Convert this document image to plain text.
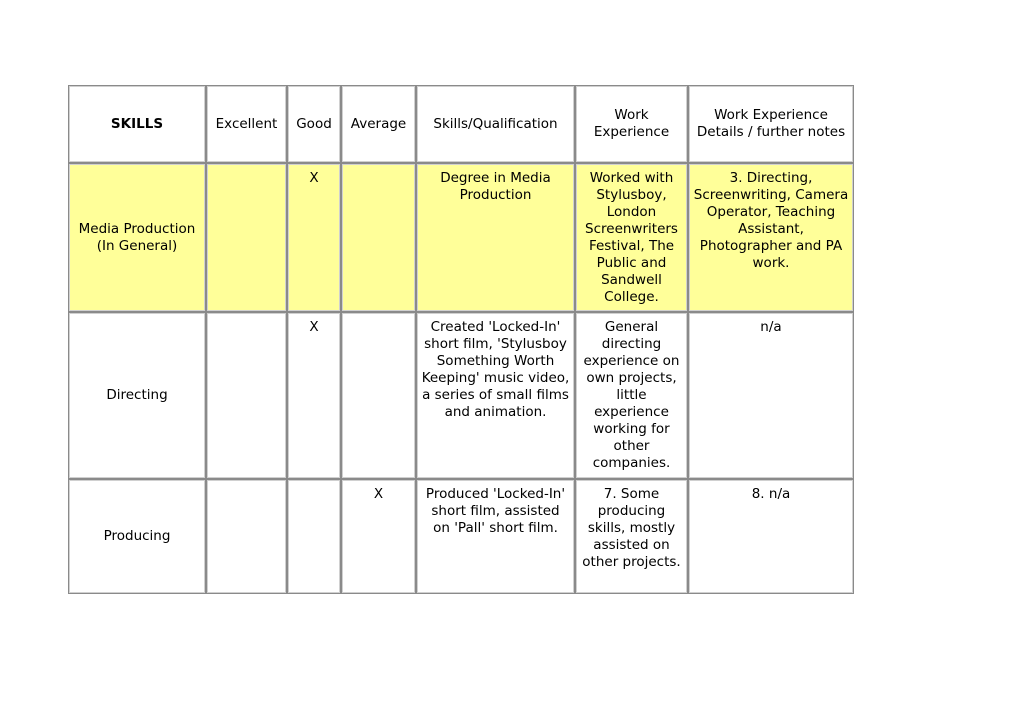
SKILLS	Excellent	Good	Average	Skills/Qualification	Work Experience	Work Experience Details / further notes
Media Production (In General)		X		Degree in Media Production	Worked with Stylusboy, London Screenwriters Festival, The Public and Sandwell College.	3. Directing, Screenwriting, Camera Operator, Teaching Assistant, Photographer and PA work.
Directing		X		Created 'Locked-In' short film, 'Stylusboy Something Worth Keeping' music video, a series of small films and animation.	General directing experience on own projects, little experience working for other companies.	n/a
Producing			X	Produced 'Locked-In' short film, assisted on 'Pall' short film.	7. Some producing skills, mostly assisted on other projects.	8. n/a
